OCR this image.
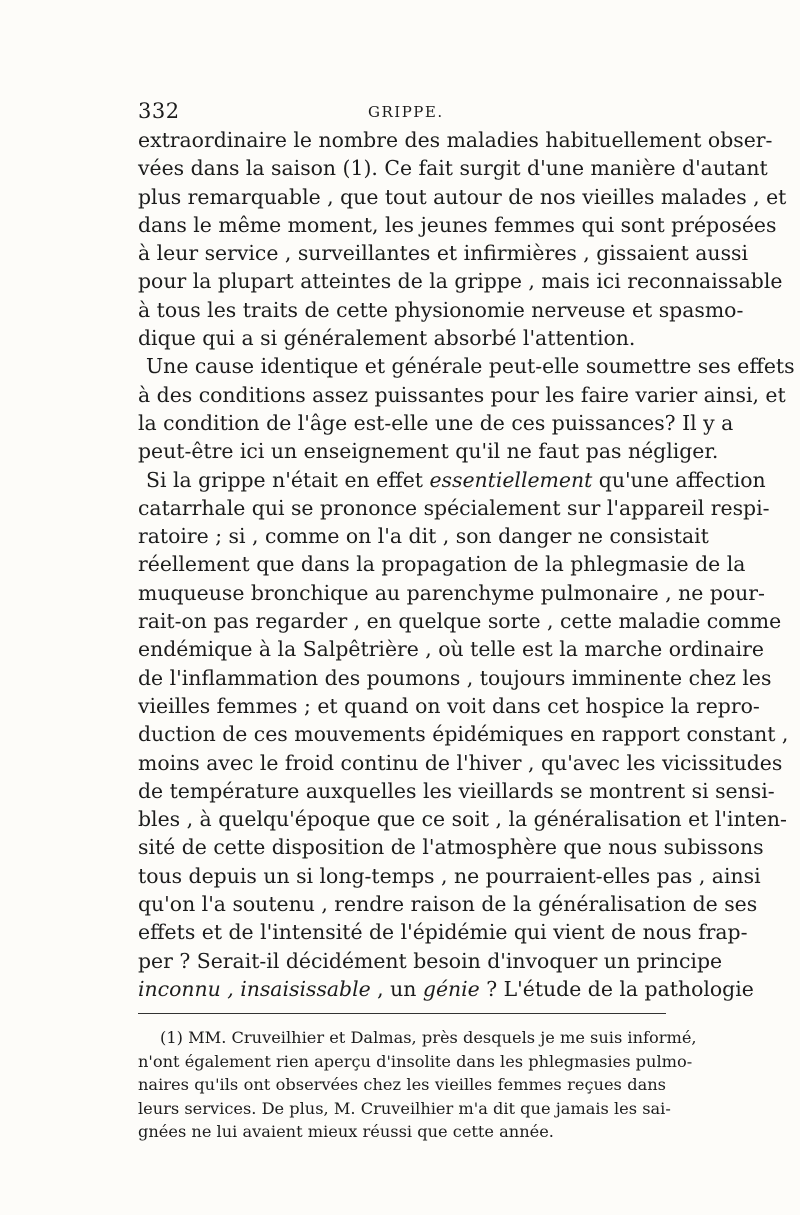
332	GRIPPE.
extraordinaire le nombre des maladies habituellement obser-
vées dans la saison (1). Ce fait surgit d'une manière d'autant
plus remarquable , que tout autour de nos vieilles malades , et
dans le même moment, les jeunes femmes qui sont préposées
à leur service , surveillantes et infirmières , gissaient aussi
pour la plupart atteintes de la grippe , mais ici reconnaissable
à tous les traits de cette physionomie nerveuse et spasmo-
dique qui a si généralement absorbé l'attention.
Une cause identique et générale peut-elle soumettre ses effets
à des conditions assez puissantes pour les faire varier ainsi, et
la condition de l'âge est-elle une de ces puissances? Il y a
peut-être ici un enseignement qu'il ne faut pas négliger.
Si la grippe n'était en effet essentiellement qu'une affection
catarrhale qui se prononce spécialement sur l'appareil respi-
ratoire ; si , comme on l'a dit , son danger ne consistait
réellement que dans la propagation de la phlegmasie de la
muqueuse bronchique au parenchyme pulmonaire , ne pour-
rait-on pas regarder , en quelque sorte , cette maladie comme
endémique à la Salpêtrière , où telle est la marche ordinaire
de l'inflammation des poumons , toujours imminente chez les
vieilles femmes ; et quand on voit dans cet hospice la repro-
duction de ces mouvements épidémiques en rapport constant ,
moins avec le froid continu de l'hiver , qu'avec les vicissitudes
de température auxquelles les vieillards se montrent si sensi-
bles , à quelqu'époque que ce soit , la généralisation et l'inten-
sité de cette disposition de l'atmosphère que nous subissons
tous depuis un si long-temps , ne pourraient-elles pas , ainsi
qu'on l'a soutenu , rendre raison de la généralisation de ses
effets et de l'intensité de l'épidémie qui vient de nous frap-
per ? Serait-il décidément besoin d'invoquer un principe
inconnu , insaisissable , un génie ? L'étude de la pathologie
(1) MM. Cruveilhier et Dalmas, près desquels je me suis informé,
n'ont également rien aperçu d'insolite dans les phlegmasies pulmo-
naires qu'ils ont observées chez les vieilles femmes reçues dans
leurs services. De plus, M. Cruveilhier m'a dit que jamais les sai-
gnées ne lui avaient mieux réussi que cette année.
